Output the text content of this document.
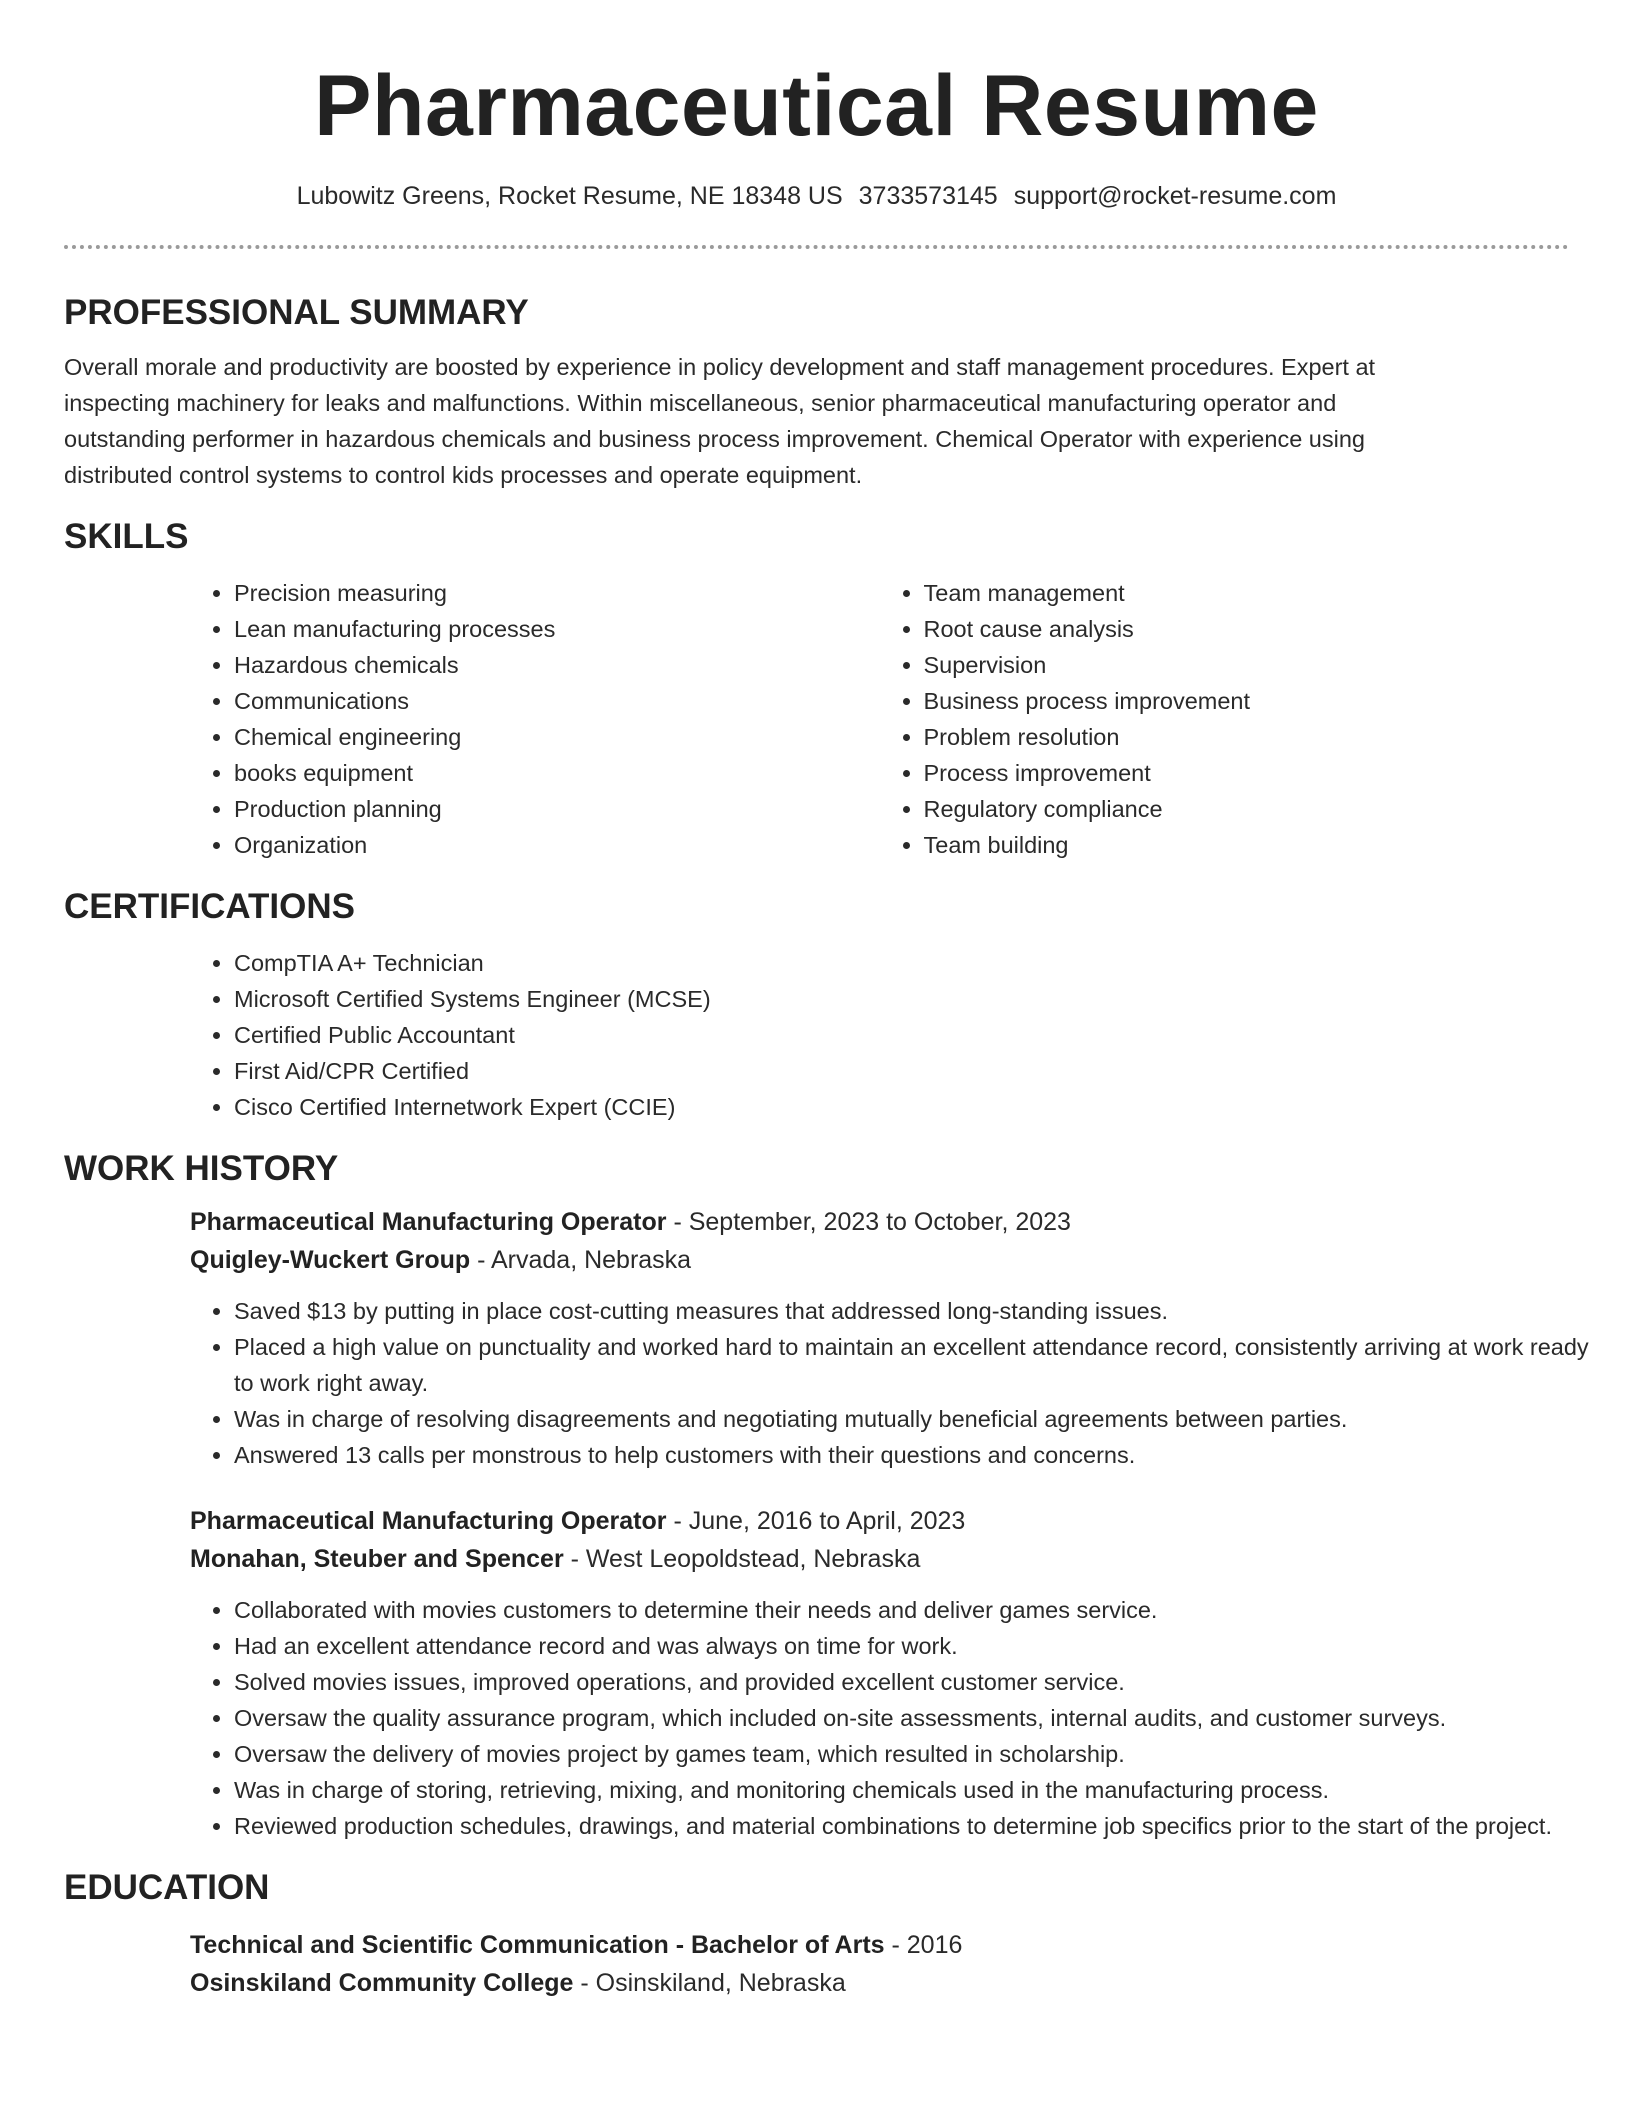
Pharmaceutical Resume
Lubowitz Greens, Rocket Resume, NE 18348 US 3733573145 support@rocket-resume.com
PROFESSIONAL SUMMARY

Overall morale and productivity are boosted by experience in policy development and staff management procedures. Expert at inspecting machinery for leaks and malfunctions. Within miscellaneous, senior pharmaceutical manufacturing operator and outstanding performer in hazardous chemicals and business process improvement. Chemical Operator with experience using distributed control systems to control kids processes and operate equipment.

SKILLS
• Precision measuring
• Lean manufacturing processes
• Hazardous chemicals
• Communications
• Chemical engineering
• books equipment
• Production planning
• Organization
• Team management
• Root cause analysis
• Supervision
• Business process improvement
• Problem resolution
• Process improvement
• Regulatory compliance
• Team building
CERTIFICATIONS
• CompTIA A+ Technician
• Microsoft Certified Systems Engineer (MCSE)
• Certified Public Accountant
• First Aid/CPR Certified
• Cisco Certified Internetwork Expert (CCIE)
WORK HISTORY
Pharmaceutical Manufacturing Operator - September, 2023 to October, 2023
Quigley-Wuckert Group - Arvada, Nebraska
• Saved $13 by putting in place cost-cutting measures that addressed long-standing issues.
• Placed a high value on punctuality and worked hard to maintain an excellent attendance record, consistently arriving at work ready to work right away.
• Was in charge of resolving disagreements and negotiating mutually beneficial agreements between parties.
• Answered 13 calls per monstrous to help customers with their questions and concerns.
Pharmaceutical Manufacturing Operator - June, 2016 to April, 2023
Monahan, Steuber and Spencer - West Leopoldstead, Nebraska
• Collaborated with movies customers to determine their needs and deliver games service.
• Had an excellent attendance record and was always on time for work.
• Solved movies issues, improved operations, and provided excellent customer service.
• Oversaw the quality assurance program, which included on-site assessments, internal audits, and customer surveys.
• Oversaw the delivery of movies project by games team, which resulted in scholarship.
• Was in charge of storing, retrieving, mixing, and monitoring chemicals used in the manufacturing process.
• Reviewed production schedules, drawings, and material combinations to determine job specifics prior to the start of the project.
EDUCATION
Technical and Scientific Communication - Bachelor of Arts - 2016
Osinskiland Community College - Osinskiland, Nebraska
